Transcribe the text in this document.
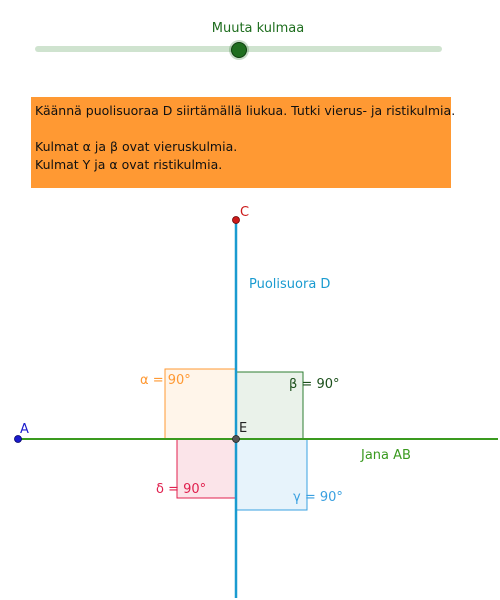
Muuta kulmaa
Käännä puolisuoraa D siirtämällä liukua. Tutki vierus- ja ristikulmia.
Kulmat α ja β ovat vieruskulmia.
Kulmat Y ja α ovat ristikulmia.
A
C
E
Puolisuora D
Jana AB
α = 90°	β = 90°
γ = 90°
δ = 90°
